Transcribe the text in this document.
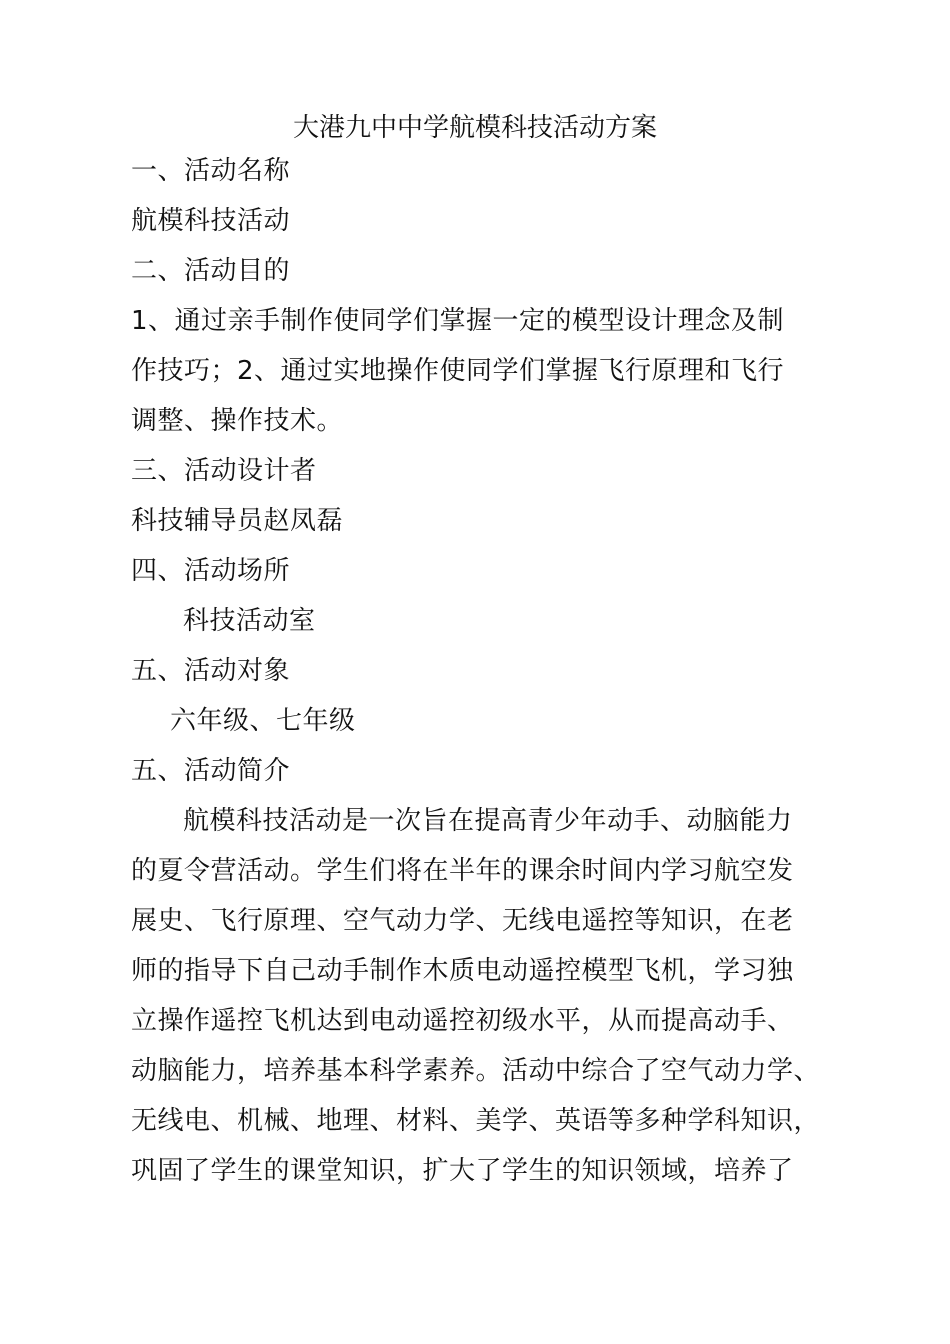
大港九中中学航模科技活动方案
一、活动名称
航模科技活动
二、活动目的
1、通过亲手制作使同学们掌握一定的模型设计理念及制
作技巧；2、通过实地操作使同学们掌握飞行原理和飞行
调整、操作技术。
三、活动设计者
科技辅导员赵凤磊
四、活动场所
科技活动室
五、活动对象
六年级、七年级
五、活动简介
航模科技活动是一次旨在提高青少年动手、动脑能力
的夏令营活动。学生们将在半年的课余时间内学习航空发
展史、飞行原理、空气动力学、无线电遥控等知识，在老
师的指导下自己动手制作木质电动遥控模型飞机，学习独
立操作遥控飞机达到电动遥控初级水平，从而提高动手、
动脑能力，培养基本科学素养。活动中综合了空气动力学、
无线电、机械、地理、材料、美学、英语等多种学科知识，
巩固了学生的课堂知识，扩大了学生的知识领域，培养了
